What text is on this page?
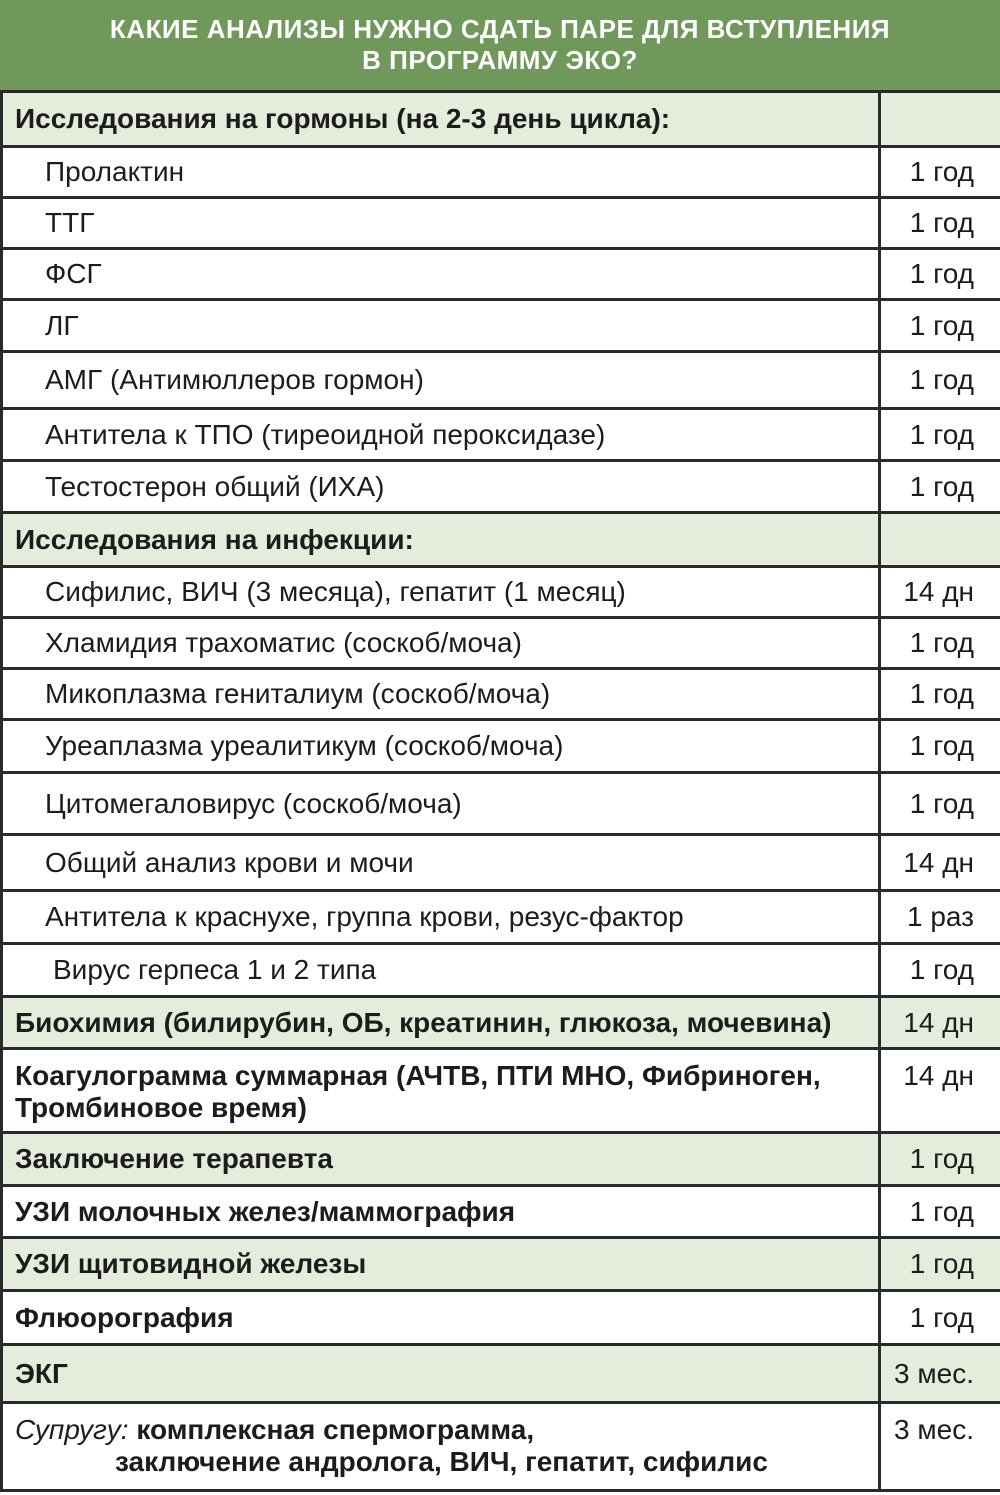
КАКИЕ АНАЛИЗЫ НУЖНО СДАТЬ ПАРЕ ДЛЯ ВСТУПЛЕНИЯ
В ПРОГРАММУ ЭКО?
Исследования на гормоны (на 2-3 день цикла):	
Пролактин	1 год
ТТГ	1 год
ФСГ	1 год
ЛГ	1 год
АМГ (Антимюллеров гормон)	1 год
Антитела к ТПО (тиреоидной пероксидазе)	1 год
Тестостерон общий (ИХА)	1 год
Исследования на инфекции:	
Сифилис, ВИЧ (3 месяца), гепатит (1 месяц)	14 дн
Хламидия трахоматис (соскоб/моча)	1 год
Микоплазма гениталиум (соскоб/моча)	1 год
Уреаплазма уреалитикум (соскоб/моча)	1 год
Цитомегаловирус (соскоб/моча)	1 год
Общий анализ крови и мочи	14 дн
Антитела к краснухе, группа крови, резус-фактор	1 раз
Вирус герпеса 1 и 2 типа	1 год
Биохимия (билирубин, ОБ, креатинин, глюкоза, мочевина)	14 дн
Коагулограмма суммарная (АЧТВ, ПТИ МНО, Фибриноген, Тромбиновое время)	14 дн
Заключение терапевта	1 год
УЗИ молочных желез/маммография	1 год
УЗИ щитовидной железы	1 год
Флюорография	1 год
ЭКГ	3 мес.
Супругу: комплексная спермограмма,
заключение андролога, ВИЧ, гепатит, сифилис	3 мес.
